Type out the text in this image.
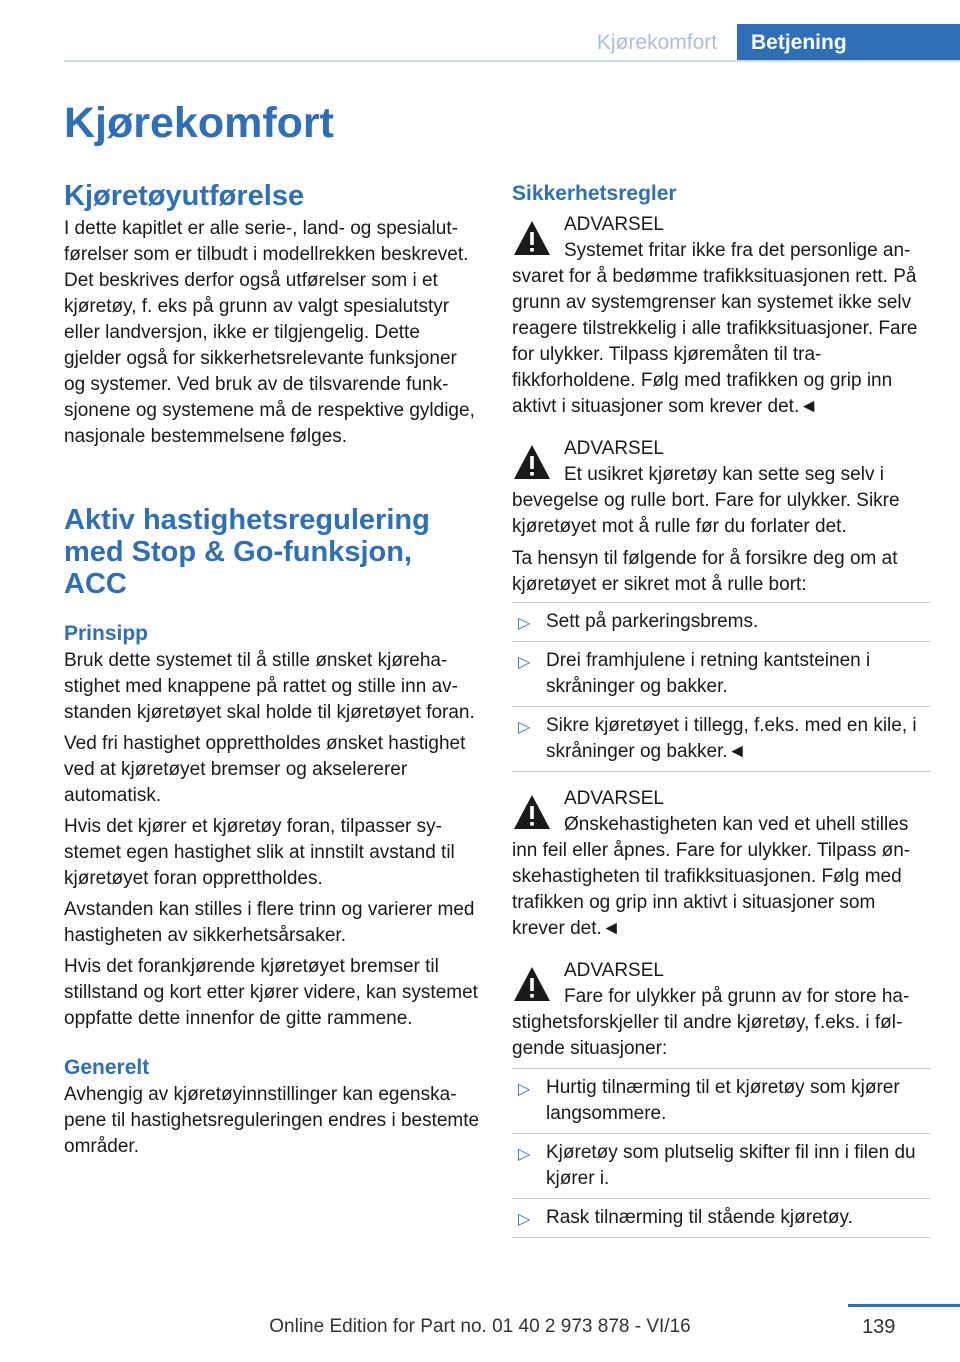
Kjørekomfort	Betjening
Kjørekomfort
Kjøretøyutførelse

I dette kapitlet er alle serie-, land- og spesialutførelser som er tilbudt i modellrekken beskrevet. Det beskrives derfor også utførelser som i et kjøretøy, f. eks på grunn av valgt spesialutstyr eller landversjon, ikke er tilgjengelig. Dette gjelder også for sikkerhetsrelevante funksjoner og systemer. Ved bruk av de tilsvarende funksjonene og systemene må de respektive gyldige, nasjonale bestemmelsene følges.

Aktiv hastighetsregulering med Stop & Go-funksjon, ACC
Prinsipp

Bruk dette systemet til å stille ønsket kjørehastighet med knappene på rattet og stille inn avstanden kjøretøyet skal holde til kjøretøyet foran.

Ved fri hastighet opprettholdes ønsket hastighet ved at kjøretøyet bremser og akselererer automatisk.

Hvis det kjører et kjøretøy foran, tilpasser systemet egen hastighet slik at innstilt avstand til kjøretøyet foran opprettholdes.

Avstanden kan stilles i flere trinn og varierer med hastigheten av sikkerhetsårsaker.

Hvis det forankjørende kjøretøyet bremser til stillstand og kort etter kjører videre, kan systemet oppfatte dette innenfor de gitte rammene.

Generelt

Avhengig av kjøretøyinnstillinger kan egenskapene til hastighetsreguleringen endres i bestemte områder.

Sikkerhetsregler
ADVARSEL

Systemet fritar ikke fra det personlige ansvaret for å bedømme trafikksituasjonen rett. På grunn av systemgrenser kan systemet ikke selv reagere tilstrekkelig i alle trafikksituasjoner. Fare for ulykker. Tilpass kjøremåten til trafikkforholdene. Følg med trafikken og grip inn aktivt i situasjoner som krever det.◄

ADVARSEL

Et usikret kjøretøy kan sette seg selv i bevegelse og rulle bort. Fare for ulykker. Sikre kjøretøyet mot å rulle før du forlater det.

Ta hensyn til følgende for å forsikre deg om at kjøretøyet er sikret mot å rulle bort:

▷ Sett på parkeringsbrems.
▷ Drei framhjulene i retning kantsteinen i skråninger og bakker.
▷ Sikre kjøretøyet i tillegg, f.eks. med en kile, i skråninger og bakker.◄
ADVARSEL

Ønskehastigheten kan ved et uhell stilles inn feil eller åpnes. Fare for ulykker. Tilpass ønskehastigheten til trafikksituasjonen. Følg med trafikken og grip inn aktivt i situasjoner som krever det.◄

ADVARSEL

Fare for ulykker på grunn av for store hastighetsforskjeller til andre kjøretøy, f.eks. i følgende situasjoner:

▷ Hurtig tilnærming til et kjøretøy som kjører langsommere.
▷ Kjøretøy som plutselig skifter fil inn i filen du kjører i.
▷ Rask tilnærming til stående kjøretøy.
139
Online Edition for Part no. 01 40 2 973 878 - VI/16
